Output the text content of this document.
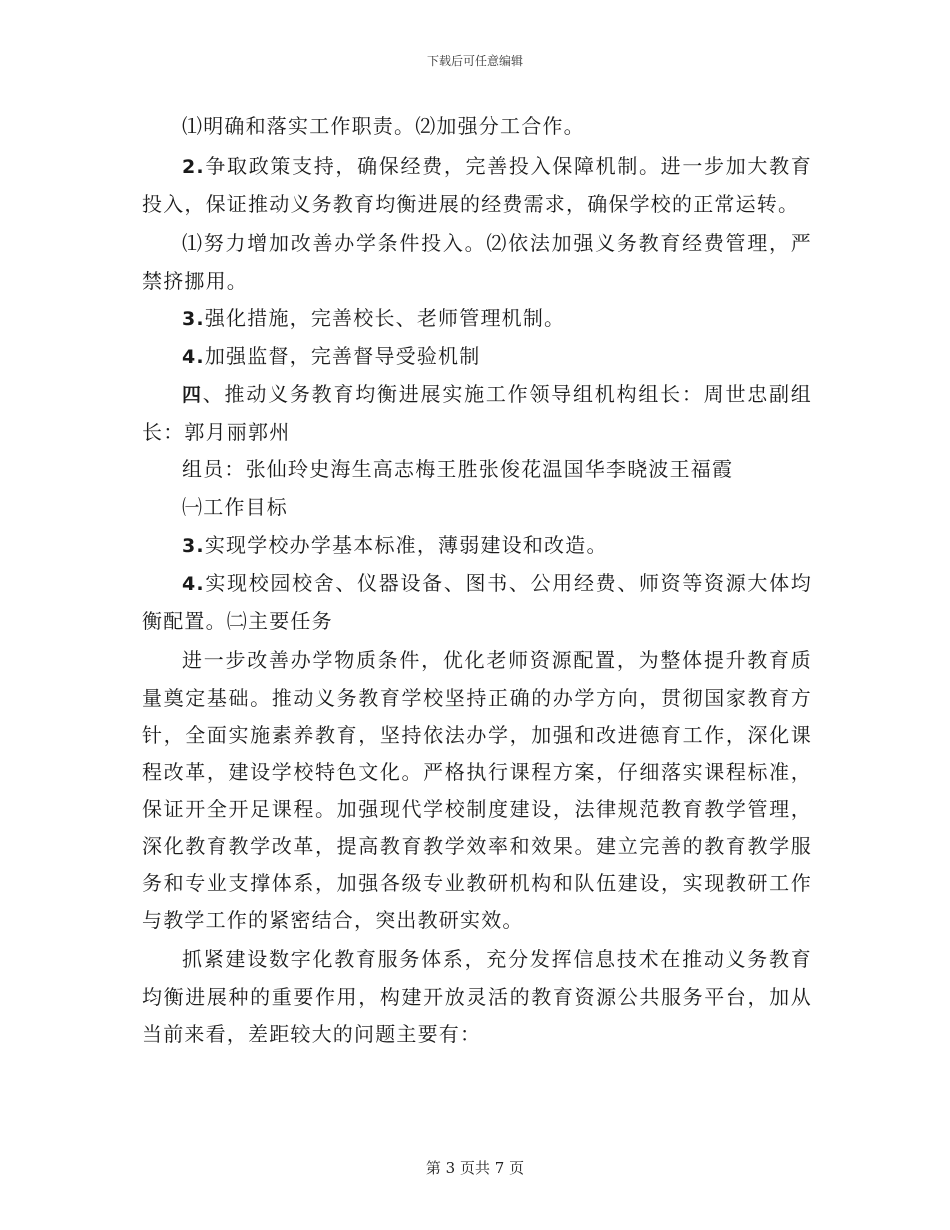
下载后可任意编辑

⑴明确和落实工作职责。⑵加强分工合作。

2.争取政策支持，确保经费，完善投入保障机制。进一步加大教育投入，保证推动义务教育均衡进展的经费需求，确保学校的正常运转。

⑴努力增加改善办学条件投入。⑵依法加强义务教育经费管理，严禁挤挪用。

3.强化措施，完善校长、老师管理机制。

4.加强监督，完善督导受验机制

四、推动义务教育均衡进展实施工作领导组机构组长：周世忠副组长：郭月丽郭州

组员：张仙玲史海生高志梅王胜张俊花温国华李晓波王福霞

㈠工作目标

3.实现学校办学基本标准，薄弱建设和改造。

4.实现校园校舍、仪器设备、图书、公用经费、师资等资源大体均衡配置。㈡主要任务

进一步改善办学物质条件，优化老师资源配置，为整体提升教育质量奠定基础。推动义务教育学校坚持正确的办学方向，贯彻国家教育方针，全面实施素养教育，坚持依法办学，加强和改进德育工作，深化课程改革，建设学校特色文化。严格执行课程方案，仔细落实课程标准，保证开全开足课程。加强现代学校制度建设，法律规范教育教学管理，深化教育教学改革，提高教育教学效率和效果。建立完善的教育教学服务和专业支撑体系，加强各级专业教研机构和队伍建设，实现教研工作与教学工作的紧密结合，突出教研实效。

抓紧建设数字化教育服务体系，充分发挥信息技术在推动义务教育均衡进展种的重要作用，构建开放灵活的教育资源公共服务平台，加从当前来看，差距较大的问题主要有：

第 3 页共 7 页
